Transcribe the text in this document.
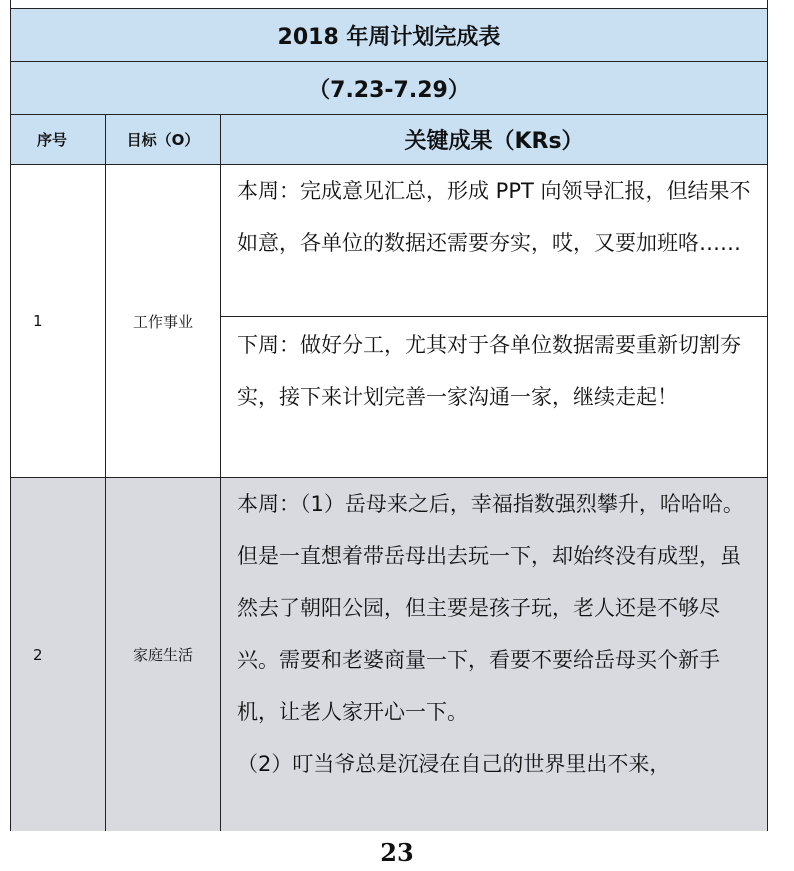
2018 年周计划完成表
（7.23-7.29）
序号	目标（O）	关键成果（KRs）
1	工作事业

本周：完成意见汇总，形成 PPT 向领导汇报，但结果不如意，各单位的数据还需要夯实，哎，又要加班咯……

下周：做好分工，尤其对于各单位数据需要重新切割夯实，接下来计划完善一家沟通一家，继续走起！

2	家庭生活

本周：（1）岳母来之后，幸福指数强烈攀升，哈哈哈。但是一直想着带岳母出去玩一下，却始终没有成型，虽然去了朝阳公园，但主要是孩子玩，老人还是不够尽兴。需要和老婆商量一下，看要不要给岳母买个新手机，让老人家开心一下。

（2）叮当爷总是沉浸在自己的世界里出不来，

23
